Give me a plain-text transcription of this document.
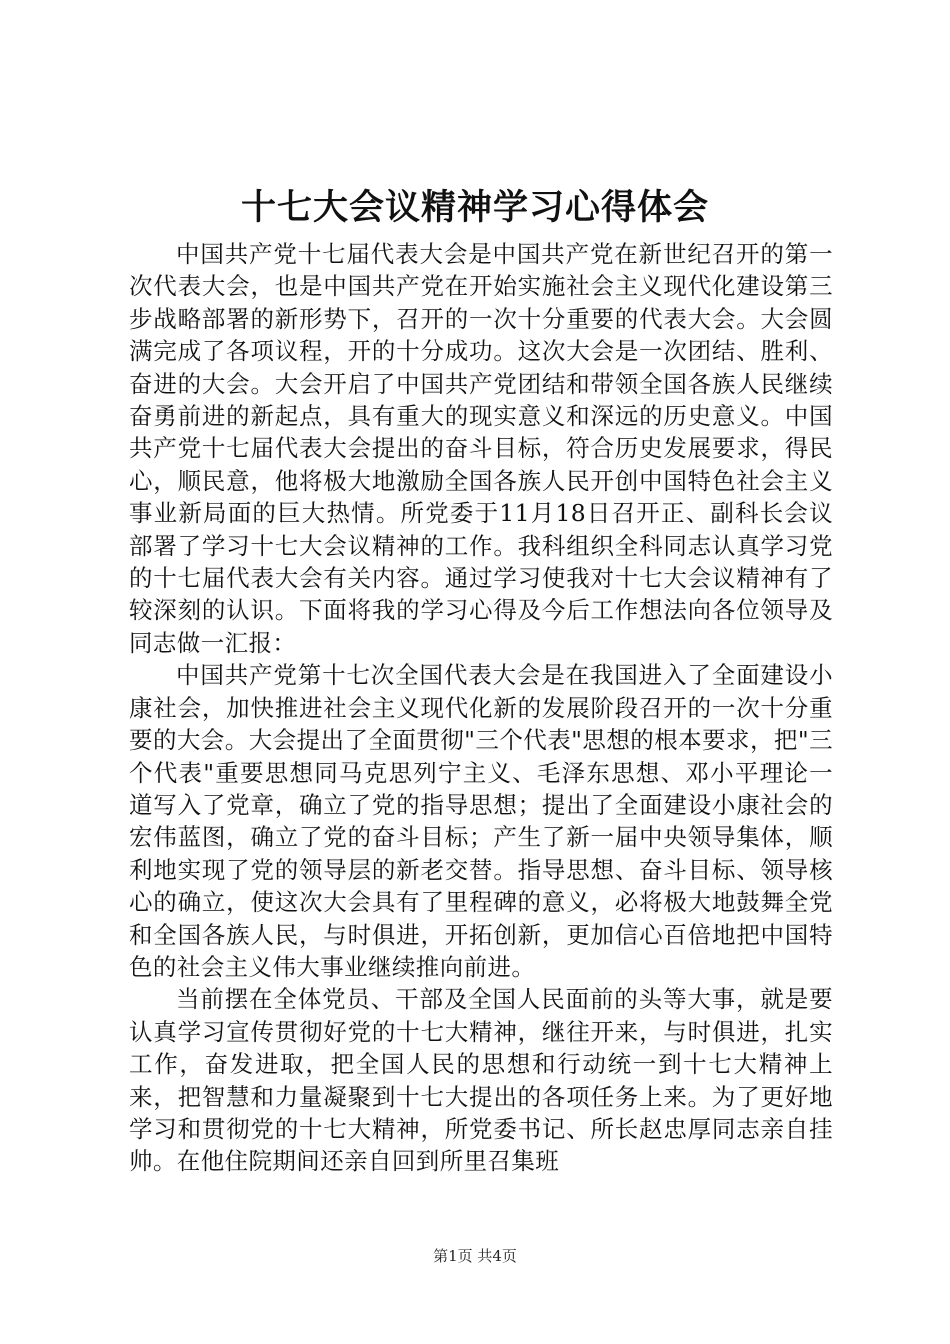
十七大会议精神学习心得体会

中国共产党十七届代表大会是中国共产党在新世纪召开的第一次代表大会，也是中国共产党在开始实施社会主义现代化建设第三步战略部署的新形势下，召开的一次十分重要的代表大会。大会圆满完成了各项议程，开的十分成功。这次大会是一次团结、胜利、奋进的大会。大会开启了中国共产党团结和带领全国各族人民继续奋勇前进的新起点，具有重大的现实意义和深远的历史意义。中国共产党十七届代表大会提出的奋斗目标，符合历史发展要求，得民心，顺民意，他将极大地激励全国各族人民开创中国特色社会主义事业新局面的巨大热情。所党委于11月18日召开正、副科长会议部署了学习十七大会议精神的工作。我科组织全科同志认真学习党的十七届代表大会有关内容。通过学习使我对十七大会议精神有了较深刻的认识。下面将我的学习心得及今后工作想法向各位领导及同志做一汇报：

中国共产党第十七次全国代表大会是在我国进入了全面建设小康社会，加快推进社会主义现代化新的发展阶段召开的一次十分重要的大会。大会提出了全面贯彻"三个代表"思想的根本要求，把"三个代表"重要思想同马克思列宁主义、毛泽东思想、邓小平理论一道写入了党章，确立了党的指导思想；提出了全面建设小康社会的宏伟蓝图，确立了党的奋斗目标；产生了新一届中央领导集体，顺利地实现了党的领导层的新老交替。指导思想、奋斗目标、领导核心的确立，使这次大会具有了里程碑的意义，必将极大地鼓舞全党和全国各族人民，与时俱进，开拓创新，更加信心百倍地把中国特色的社会主义伟大事业继续推向前进。

当前摆在全体党员、干部及全国人民面前的头等大事，就是要认真学习宣传贯彻好党的十七大精神，继往开来，与时俱进，扎实工作，奋发进取，把全国人民的思想和行动统一到十七大精神上来，把智慧和力量凝聚到十七大提出的各项任务上来。为了更好地学习和贯彻党的十七大精神，所党委书记、所长赵忠厚同志亲自挂帅。在他住院期间还亲自回到所里召集班

第1页 共4页
